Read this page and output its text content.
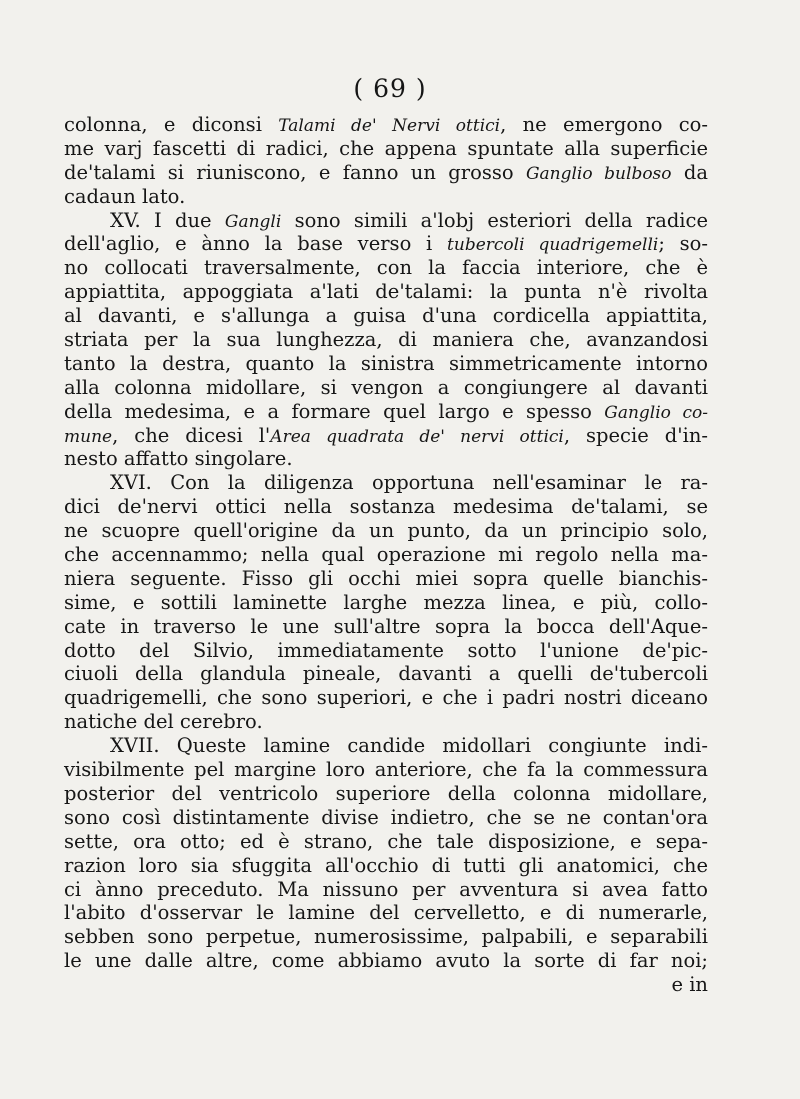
( 69 )
colonna, e diconsi Talami de' Nervi ottici, ne emergono co-
me varj fascetti di radici, che appena spuntate alla superficie
de'talami si riuniscono, e fanno un grosso Ganglio bulboso da
cadaun lato.
XV. I due Gangli sono simili a'lobj esteriori della radice
dell'aglio, e ànno la base verso i tubercoli quadrigemelli; so-
no collocati traversalmente, con la faccia interiore, che è
appiattita, appoggiata a'lati de'talami: la punta n'è rivolta
al davanti, e s'allunga a guisa d'una cordicella appiattita,
striata per la sua lunghezza, di maniera che, avanzandosi
tanto la destra, quanto la sinistra simmetricamente intorno
alla colonna midollare, si vengon a congiungere al davanti
della medesima, e a formare quel largo e spesso Ganglio co-
mune, che dicesi l'Area quadrata de' nervi ottici, specie d'in-
nesto affatto singolare.
XVI. Con la diligenza opportuna nell'esaminar le ra-
dici de'nervi ottici nella sostanza medesima de'talami, se
ne scuopre quell'origine da un punto, da un principio solo,
che accennammo; nella qual operazione mi regolo nella ma-
niera seguente. Fisso gli occhi miei sopra quelle bianchis-
sime, e sottili laminette larghe mezza linea, e più, collo-
cate in traverso le une sull'altre sopra la bocca dell'Aque-
dotto del Silvio, immediatamente sotto l'unione de'pic-
ciuoli della glandula pineale, davanti a quelli de'tubercoli
quadrigemelli, che sono superiori, e che i padri nostri diceano
natiche del cerebro.
XVII. Queste lamine candide midollari congiunte indi-
visibilmente pel margine loro anteriore, che fa la commessura
posterior del ventricolo superiore della colonna midollare,
sono così distintamente divise indietro, che se ne contan'ora
sette, ora otto; ed è strano, che tale disposizione, e sepa-
razion loro sia sfuggita all'occhio di tutti gli anatomici, che
ci ànno preceduto. Ma nissuno per avventura si avea fatto
l'abito d'osservar le lamine del cervelletto, e di numerarle,
sebben sono perpetue, numerosissime, palpabili, e separabili
le une dalle altre, come abbiamo avuto la sorte di far noi;
e in
